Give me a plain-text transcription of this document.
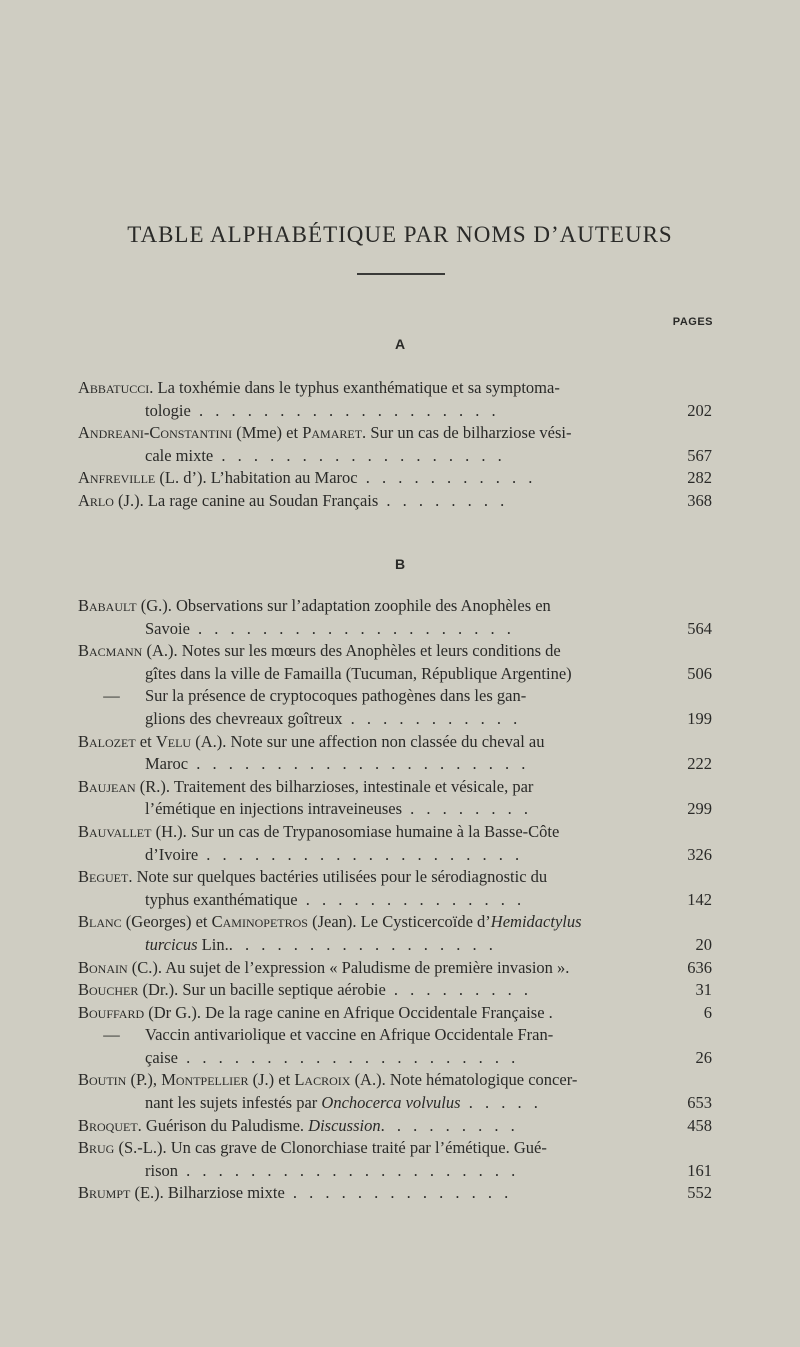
TABLE ALPHABÉTIQUE PAR NOMS D’AUTEURS
PAGES
A
Abbatucci. La toxhémie dans le typhus exanthématique et sa symptoma-
tologie . . . . . . . . . . . . . . . . . . .	202
Andreani-Constantini (Mme) et Pamaret. Sur un cas de bilharziose vési-
cale mixte . . . . . . . . . . . . . . . . . .	567
Anfreville (L. d’). L’habitation au Maroc . . . . . . . . . . .	282
Arlo (J.). La rage canine au Soudan Français . . . . . . . .	368
B
Babault (G.). Observations sur l’adaptation zoophile des Anophèles en
Savoie . . . . . . . . . . . . . . . . . . . .	564
Bacmann (A.). Notes sur les mœurs des Anophèles et leurs conditions de
gîtes dans la ville de Famailla (Tucuman, République Argentine)	506
— Sur la présence de cryptocoques pathogènes dans les gan-
glions des chevreaux goîtreux . . . . . . . . . . .	199
Balozet et Velu (A.). Note sur une affection non classée du cheval au
Maroc . . . . . . . . . . . . . . . . . . . . .	222
Baujean (R.). Traitement des bilharzioses, intestinale et vésicale, par
l’émétique en injections intraveineuses . . . . . . . .	299
Bauvallet (H.). Sur un cas de Trypanosomiase humaine à la Basse-Côte
d’Ivoire . . . . . . . . . . . . . . . . . . . .	326
Beguet. Note sur quelques bactéries utilisées pour le sérodiagnostic du
typhus exanthématique . . . . . . . . . . . . . .	142
Blanc (Georges) et Caminopetros (Jean). Le Cysticercoïde d’Hemidactylus
turcicus Lin.. . . . . . . . . . . . . . . . .	20
Bonain (C.). Au sujet de l’expression « Paludisme de première invasion ».	636
Boucher (Dr.). Sur un bacille septique aérobie . . . . . . . . .	31
Bouffard (Dr G.). De la rage canine en Afrique Occidentale Française .	6
— Vaccin antivariolique et vaccine en Afrique Occidentale Fran-
çaise . . . . . . . . . . . . . . . . . . . . .	26
Boutin (P.), Montpellier (J.) et Lacroix (A.). Note hématologique concer-
nant les sujets infestés par Onchocerca volvulus . . . . .	653
Broquet. Guérison du Paludisme. Discussion. . . . . . . . .	458
Brug (S.-L.). Un cas grave de Clonorchiase traité par l’émétique. Gué-
rison . . . . . . . . . . . . . . . . . . . . .	161
Brumpt (E.). Bilharziose mixte . . . . . . . . . . . . . .	552
